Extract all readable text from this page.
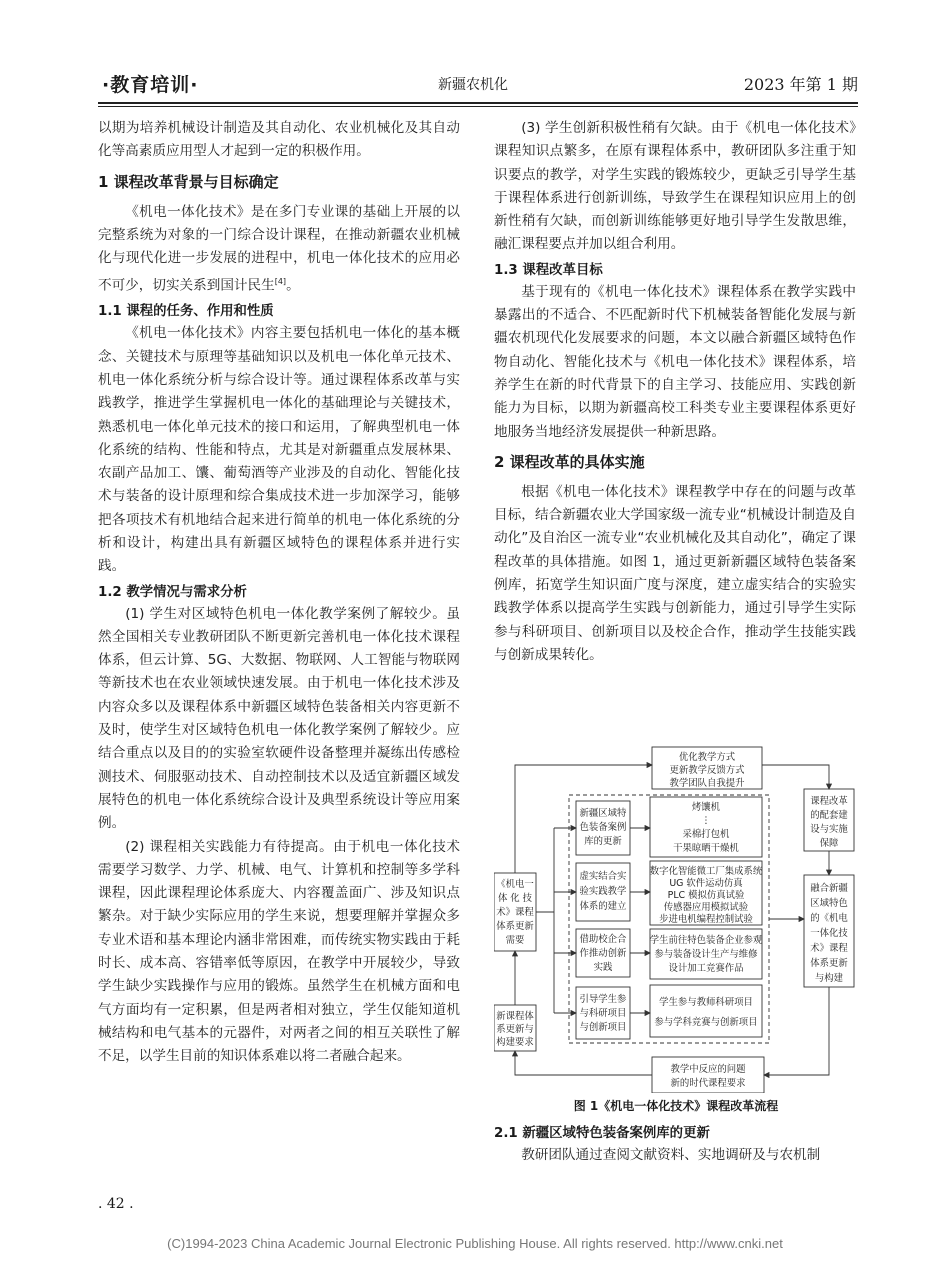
·教育培训·	新疆农机化	2023 年第 1 期

以期为培养机械设计制造及其自动化、农业机械化及其自动化等高素质应用型人才起到一定的积极作用。

1 课程改革背景与目标确定

《机电一体化技术》是在多门专业课的基础上开展的以完整系统为对象的一门综合设计课程，在推动新疆农业机械化与现代化进一步发展的进程中，机电一体化技术的应用必不可少，切实关系到国计民生[4]。

1.1 课程的任务、作用和性质

《机电一体化技术》内容主要包括机电一体化的基本概念、关键技术与原理等基础知识以及机电一体化单元技术、机电一体化系统分析与综合设计等。通过课程体系改革与实践教学，推进学生掌握机电一体化的基础理论与关键技术，熟悉机电一体化单元技术的接口和运用，了解典型机电一体化系统的结构、性能和特点，尤其是对新疆重点发展林果、农副产品加工、馕、葡萄酒等产业涉及的自动化、智能化技术与装备的设计原理和综合集成技术进一步加深学习，能够把各项技术有机地结合起来进行简单的机电一体化系统的分析和设计，构建出具有新疆区域特色的课程体系并进行实践。

1.2 教学情况与需求分析

(1) 学生对区域特色机电一体化教学案例了解较少。虽然全国相关专业教研团队不断更新完善机电一体化技术课程体系，但云计算、5G、大数据、物联网、人工智能与物联网等新技术也在农业领域快速发展。由于机电一体化技术涉及内容众多以及课程体系中新疆区域特色装备相关内容更新不及时，使学生对区域特色机电一体化教学案例了解较少。应结合重点以及目的的实验室软硬件设备整理并凝练出传感检测技术、伺服驱动技术、自动控制技术以及适宜新疆区域发展特色的机电一体化系统综合设计及典型系统设计等应用案例。

(2) 课程相关实践能力有待提高。由于机电一体化技术需要学习数学、力学、机械、电气、计算机和控制等多学科课程，因此课程理论体系庞大、内容覆盖面广、涉及知识点繁杂。对于缺少实际应用的学生来说，想要理解并掌握众多专业术语和基本理论内涵非常困难，而传统实物实践由于耗时长、成本高、容错率低等原因，在教学中开展较少，导致学生缺少实践操作与应用的锻炼。虽然学生在机械方面和电气方面均有一定积累，但是两者相对独立，学生仅能知道机械结构和电气基本的元器件，对两者之间的相互关联性了解不足，以学生目前的知识体系难以将二者融合起来。

(3) 学生创新积极性稍有欠缺。由于《机电一体化技术》课程知识点繁多，在原有课程体系中，教研团队多注重于知识要点的教学，对学生实践的锻炼较少，更缺乏引导学生基于课程体系进行创新训练，导致学生在课程知识应用上的创新性稍有欠缺，而创新训练能够更好地引导学生发散思维，融汇课程要点并加以组合利用。

1.3 课程改革目标

基于现有的《机电一体化技术》课程体系在教学实践中暴露出的不适合、不匹配新时代下机械装备智能化发展与新疆农机现代化发展要求的问题，本文以融合新疆区域特色作物自动化、智能化技术与《机电一体化技术》课程体系，培养学生在新的时代背景下的自主学习、技能应用、实践创新能力为目标，以期为新疆高校工科类专业主要课程体系更好地服务当地经济发展提供一种新思路。

2 课程改革的具体实施

根据《机电一体化技术》课程教学中存在的问题与改革目标，结合新疆农业大学国家级一流专业“机械设计制造及自动化”及自治区一流专业“农业机械化及其自动化”，确定了课程改革的具体措施。如图 1，通过更新新疆区域特色装备案例库，拓宽学生知识面广度与深度，建立虚实结合的实验实践教学体系以提高学生实践与创新能力，通过引导学生实际参与科研项目、创新项目以及校企合作，推动学生技能实践与创新成果转化。

优化教学方式
更新教学反馈方式
教学团队自我提升
《机电一
体 化 技
术》课程
体系更新
需要
新课程体
系更新与
构建要求
新疆区域特
色装备案例
库的更新
虚实结合实
验实践教学
体系的建立
借助校企合
作推动创新
实践
引导学生参
与科研项目
与创新项目
烤馕机
⋮
采棉打包机
干果晾晒干燥机
数字化智能微工厂集成系统
UG 软件运动仿真
PLC 模拟仿真试验
传感器应用模拟试验
步进电机编程控制试验
学生前往特色装备企业参观
参与装备设计生产与维修
设计加工竞赛作品
学生参与教师科研项目
参与学科竞赛与创新项目
课程改革
的配套建
设与实施
保障
融合新疆
区域特色
的《机电
一体化技
术》课程
体系更新
与构建
教学中反应的问题
新的时代课程要求
图 1《机电一体化技术》课程改革流程
2.1 新疆区域特色装备案例库的更新

教研团队通过查阅文献资料、实地调研及与农机制

. 42 .
(C)1994-2023 China Academic Journal Electronic Publishing House. All rights reserved. http://www.cnki.net
